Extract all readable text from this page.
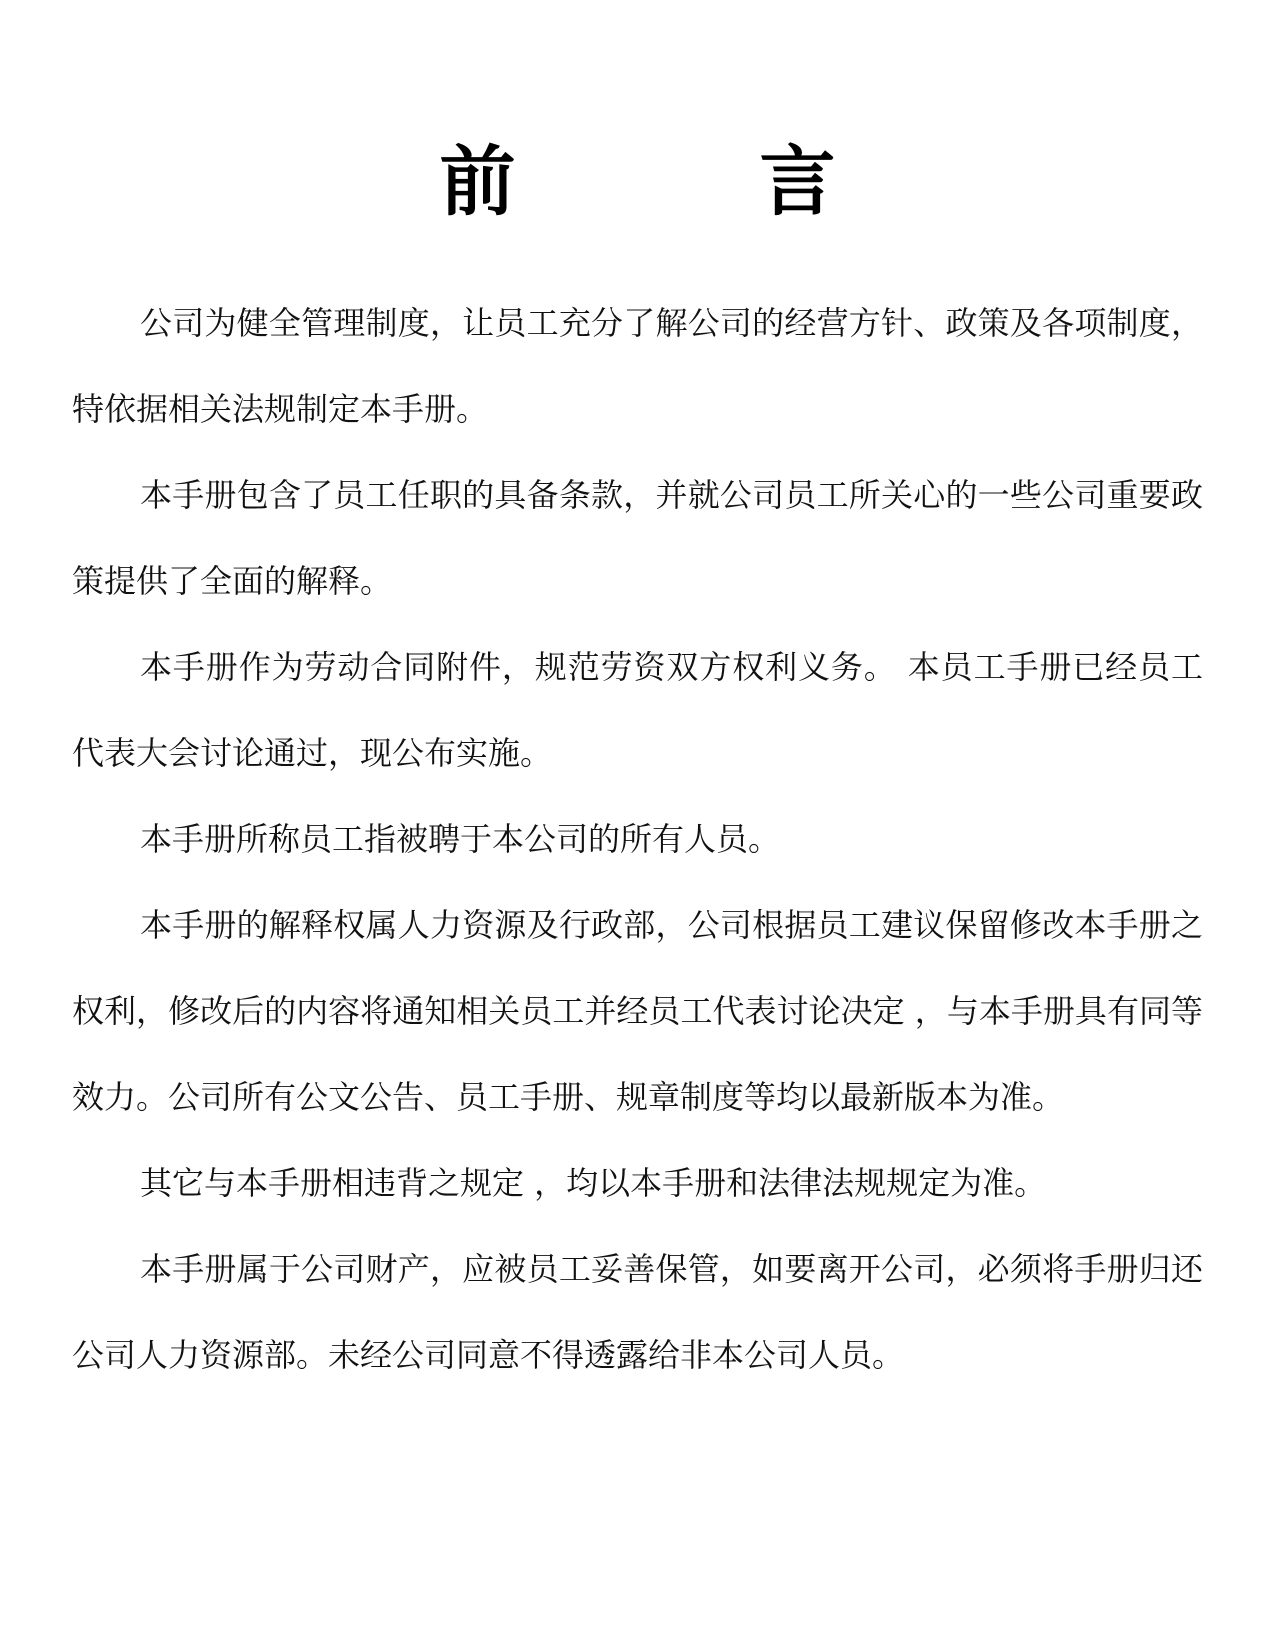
前　言

公司为健全管理制度，让员工充分了解公司的经营方针、政策及各项制度，特依据相关法规制定本手册。

本手册包含了员工任职的具备条款，并就公司员工所关心的一些公司重要政策提供了全面的解释。

本手册作为劳动合同附件，规范劳资双方权利义务。 本员工手册已经员工代表大会讨论通过，现公布实施。

本手册所称员工指被聘于本公司的所有人员。

本手册的解释权属人力资源及行政部，公司根据员工建议保留修改本手册之权利，修改后的内容将通知相关员工并经员工代表讨论决定 ，与本手册具有同等效力。公司所有公文公告、员工手册、规章制度等均以最新版本为准。

其它与本手册相违背之规定 ，均以本手册和法律法规规定为准。

本手册属于公司财产，应被员工妥善保管，如要离开公司，必须将手册归还公司人力资源部。未经公司同意不得透露给非本公司人员。
